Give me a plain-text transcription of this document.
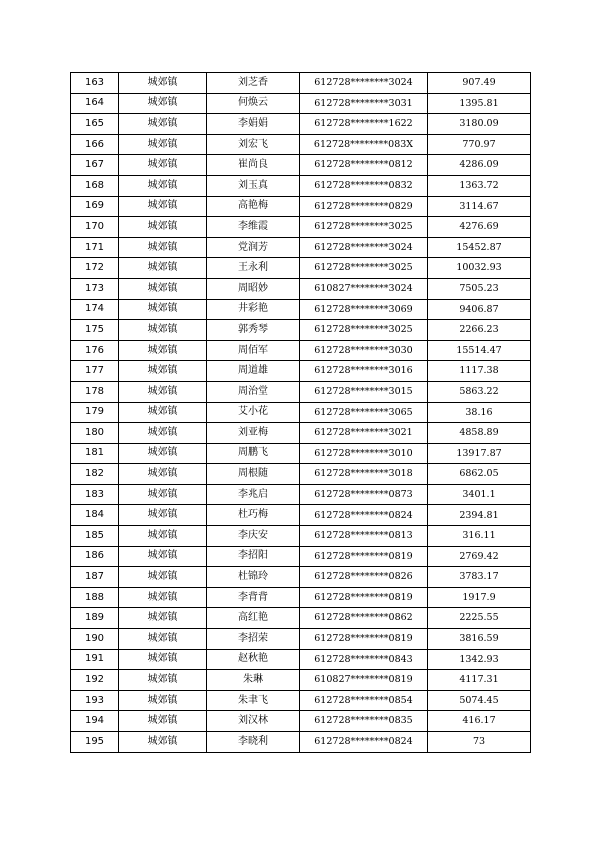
163	城郊镇	刘芝香	612728********3024	907.49
164	城郊镇	何焕云	612728********3031	1395.81
165	城郊镇	李娟娟	612728********1622	3180.09
166	城郊镇	刘宏飞	612728********083X	770.97
167	城郊镇	崔尚良	612728********0812	4286.09
168	城郊镇	刘玉真	612728********0832	1363.72
169	城郊镇	高艳梅	612728********0829	3114.67
170	城郊镇	李维霞	612728********3025	4276.69
171	城郊镇	党润芳	612728********3024	15452.87
172	城郊镇	王永利	612728********3025	10032.93
173	城郊镇	周昭妙	610827********3024	7505.23
174	城郊镇	井彩艳	612728********3069	9406.87
175	城郊镇	郭秀琴	612728********3025	2266.23
176	城郊镇	周佰军	612728********3030	15514.47
177	城郊镇	周道雄	612728********3016	1117.38
178	城郊镇	周治堂	612728********3015	5863.22
179	城郊镇	艾小花	612728********3065	38.16
180	城郊镇	刘亚梅	612728********3021	4858.89
181	城郊镇	周鹏飞	612728********3010	13917.87
182	城郊镇	周根随	612728********3018	6862.05
183	城郊镇	李兆启	612728********0873	3401.1
184	城郊镇	杜巧梅	612728********0824	2394.81
185	城郊镇	李庆安	612728********0813	316.11
186	城郊镇	李招阳	612728********0819	2769.42
187	城郊镇	杜锦玲	612728********0826	3783.17
188	城郊镇	李背背	612728********0819	1917.9
189	城郊镇	高红艳	612728********0862	2225.55
190	城郊镇	李招荣	612728********0819	3816.59
191	城郊镇	赵秋艳	612728********0843	1342.93
192	城郊镇	朱琳	610827********0819	4117.31
193	城郊镇	朱聿飞	612728********0854	5074.45
194	城郊镇	刘汉林	612728********0835	416.17
195	城郊镇	李晓利	612728********0824	73
